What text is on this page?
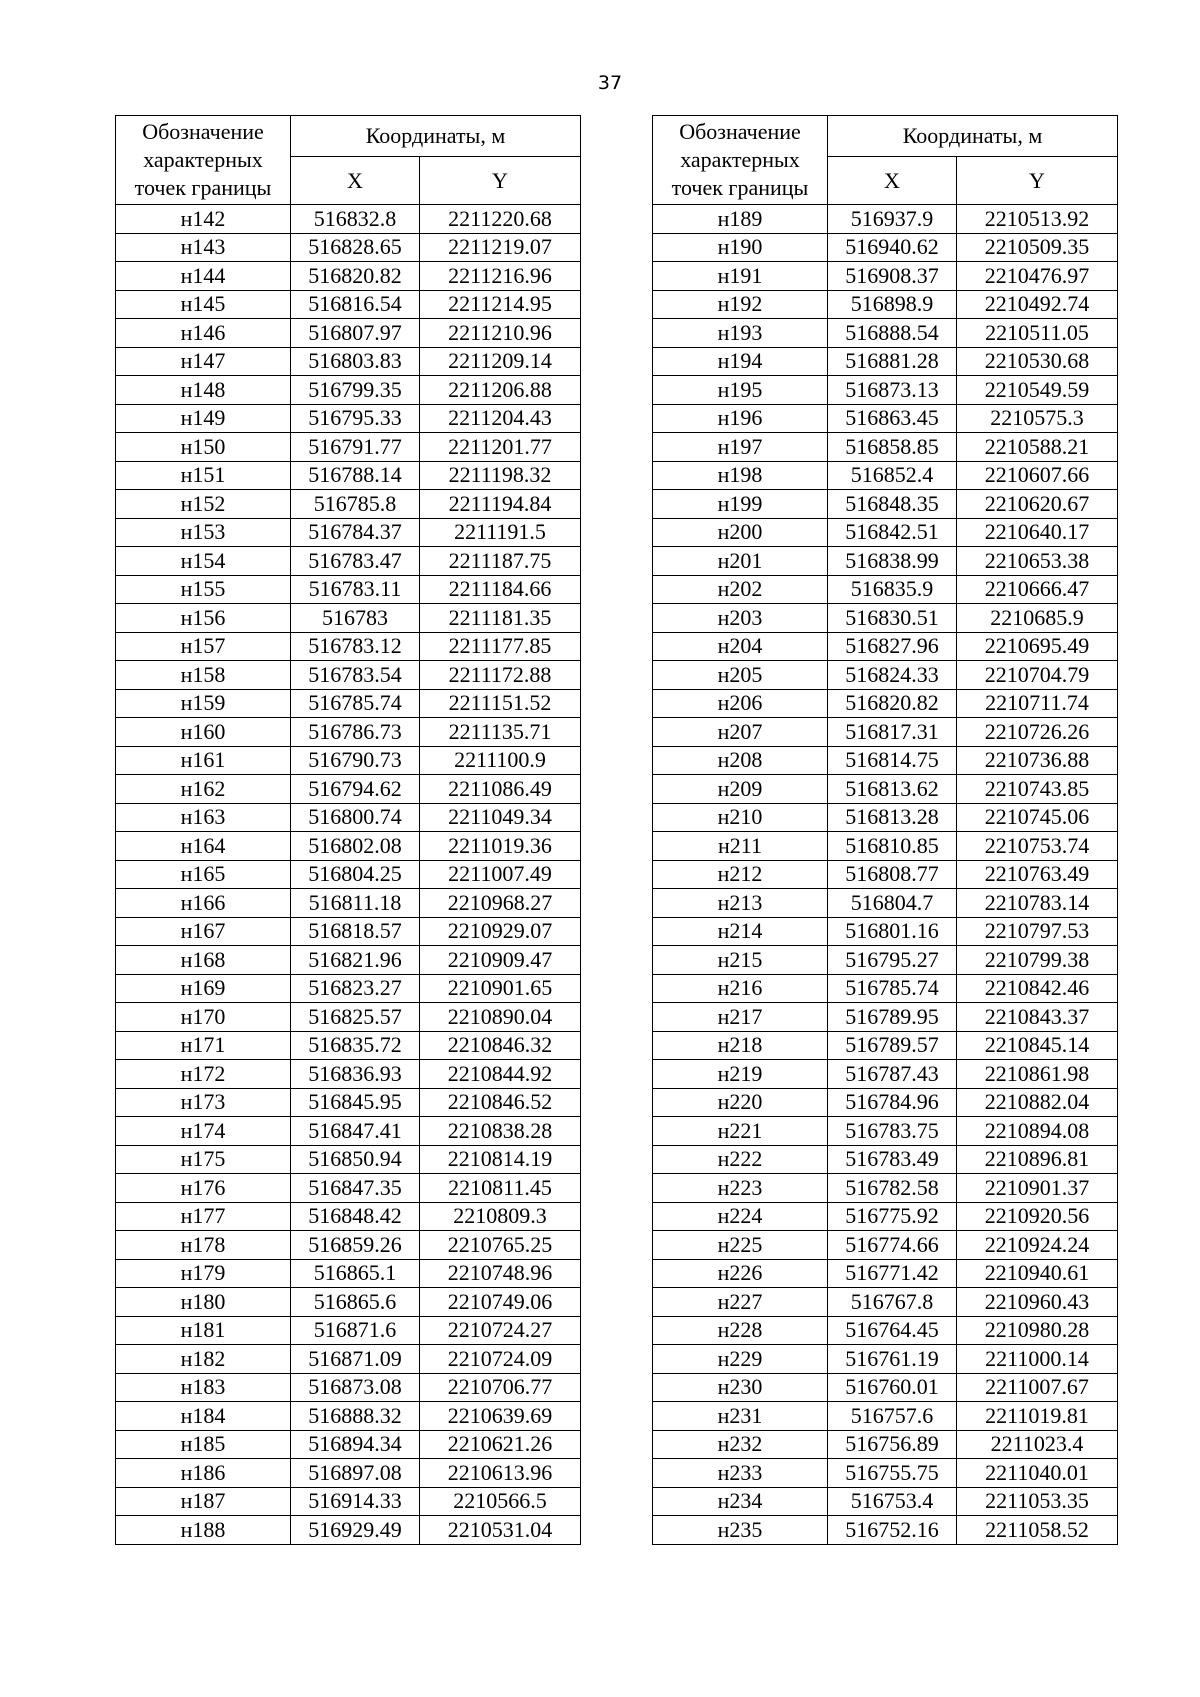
37
Обозначение характерных точек границы	Координаты, м	
	X	Y
н142	516832.8	2211220.68
н143	516828.65	2211219.07
н144	516820.82	2211216.96
н145	516816.54	2211214.95
н146	516807.97	2211210.96
н147	516803.83	2211209.14
н148	516799.35	2211206.88
н149	516795.33	2211204.43
н150	516791.77	2211201.77
н151	516788.14	2211198.32
н152	516785.8	2211194.84
н153	516784.37	2211191.5
н154	516783.47	2211187.75
н155	516783.11	2211184.66
н156	516783	2211181.35
н157	516783.12	2211177.85
н158	516783.54	2211172.88
н159	516785.74	2211151.52
н160	516786.73	2211135.71
н161	516790.73	2211100.9
н162	516794.62	2211086.49
н163	516800.74	2211049.34
н164	516802.08	2211019.36
н165	516804.25	2211007.49
н166	516811.18	2210968.27
н167	516818.57	2210929.07
н168	516821.96	2210909.47
н169	516823.27	2210901.65
н170	516825.57	2210890.04
н171	516835.72	2210846.32
н172	516836.93	2210844.92
н173	516845.95	2210846.52
н174	516847.41	2210838.28
н175	516850.94	2210814.19
н176	516847.35	2210811.45
н177	516848.42	2210809.3
н178	516859.26	2210765.25
н179	516865.1	2210748.96
н180	516865.6	2210749.06
н181	516871.6	2210724.27
н182	516871.09	2210724.09
н183	516873.08	2210706.77
н184	516888.32	2210639.69
н185	516894.34	2210621.26
н186	516897.08	2210613.96
н187	516914.33	2210566.5
н188	516929.49	2210531.04
Обозначение характерных точек границы	Координаты, м	
	X	Y
н189	516937.9	2210513.92
н190	516940.62	2210509.35
н191	516908.37	2210476.97
н192	516898.9	2210492.74
н193	516888.54	2210511.05
н194	516881.28	2210530.68
н195	516873.13	2210549.59
н196	516863.45	2210575.3
н197	516858.85	2210588.21
н198	516852.4	2210607.66
н199	516848.35	2210620.67
н200	516842.51	2210640.17
н201	516838.99	2210653.38
н202	516835.9	2210666.47
н203	516830.51	2210685.9
н204	516827.96	2210695.49
н205	516824.33	2210704.79
н206	516820.82	2210711.74
н207	516817.31	2210726.26
н208	516814.75	2210736.88
н209	516813.62	2210743.85
н210	516813.28	2210745.06
н211	516810.85	2210753.74
н212	516808.77	2210763.49
н213	516804.7	2210783.14
н214	516801.16	2210797.53
н215	516795.27	2210799.38
н216	516785.74	2210842.46
н217	516789.95	2210843.37
н218	516789.57	2210845.14
н219	516787.43	2210861.98
н220	516784.96	2210882.04
н221	516783.75	2210894.08
н222	516783.49	2210896.81
н223	516782.58	2210901.37
н224	516775.92	2210920.56
н225	516774.66	2210924.24
н226	516771.42	2210940.61
н227	516767.8	2210960.43
н228	516764.45	2210980.28
н229	516761.19	2211000.14
н230	516760.01	2211007.67
н231	516757.6	2211019.81
н232	516756.89	2211023.4
н233	516755.75	2211040.01
н234	516753.4	2211053.35
н235	516752.16	2211058.52
